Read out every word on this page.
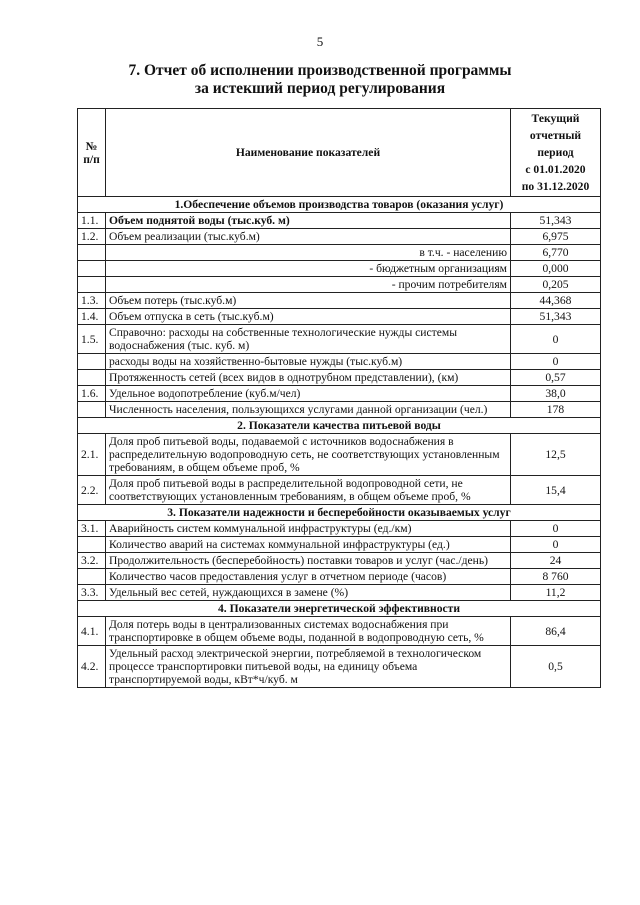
5
7. Отчет об исполнении производственной программы
за истекший период регулирования
№ п/п	Наименование показателей	Текущий
отчетный
период
с 01.01.2020
по 31.12.2020

1.Обеспечение объемов производства товаров (оказания услуг)		
1.1.	Объем поднятой воды (тыс.куб. м)	51,343
1.2.	Объем реализации (тыс.куб.м)	6,975
	в т.ч. - населению	6,770
	- бюджетным организациям	0,000
	- прочим потребителям	0,205
1.3.	Объем потерь (тыс.куб.м)	44,368
1.4.	Объем отпуска в сеть (тыс.куб.м)	51,343
1.5.	Справочно: расходы на собственные технологические нужды системы водоснабжения (тыс. куб. м)	0
	расходы воды на хозяйственно-бытовые нужды (тыс.куб.м)	0
	Протяженность сетей (всех видов в однотрубном представлении), (км)	0,57
1.6.	Удельное водопотребление (куб.м/чел)	38,0
	Численность населения, пользующихся услугами данной организации (чел.)	178
2. Показатели качества питьевой воды		
2.1.	Доля проб питьевой воды, подаваемой с источников водоснабжения в распределительную водопроводную сеть, не соответствующих установленным требованиям, в общем объеме проб, %	12,5
2.2.	Доля проб питьевой воды в распределительной водопроводной сети, не соответствующих установленным требованиям, в общем объеме проб, %	15,4
3. Показатели надежности и бесперебойности оказываемых услуг		
3.1.	Аварийность систем коммунальной инфраструктуры (ед./км)	0
	Количество аварий на системах коммунальной инфраструктуры (ед.)	0
3.2.	Продолжительность (бесперебойность) поставки товаров и услуг (час./день)	24
	Количество часов предоставления услуг в отчетном периоде (часов)	8 760
3.3.	Удельный вес сетей, нуждающихся в замене (%)	11,2
4. Показатели энергетической эффективности		
4.1.	Доля потерь воды в централизованных системах водоснабжения при транспортировке в общем объеме воды, поданной в водопроводную сеть, %	86,4
4.2.	Удельный расход электрической энергии, потребляемой в технологическом процессе транспортировки питьевой воды, на единицу объема транспортируемой воды, кВт*ч/куб. м	0,5
